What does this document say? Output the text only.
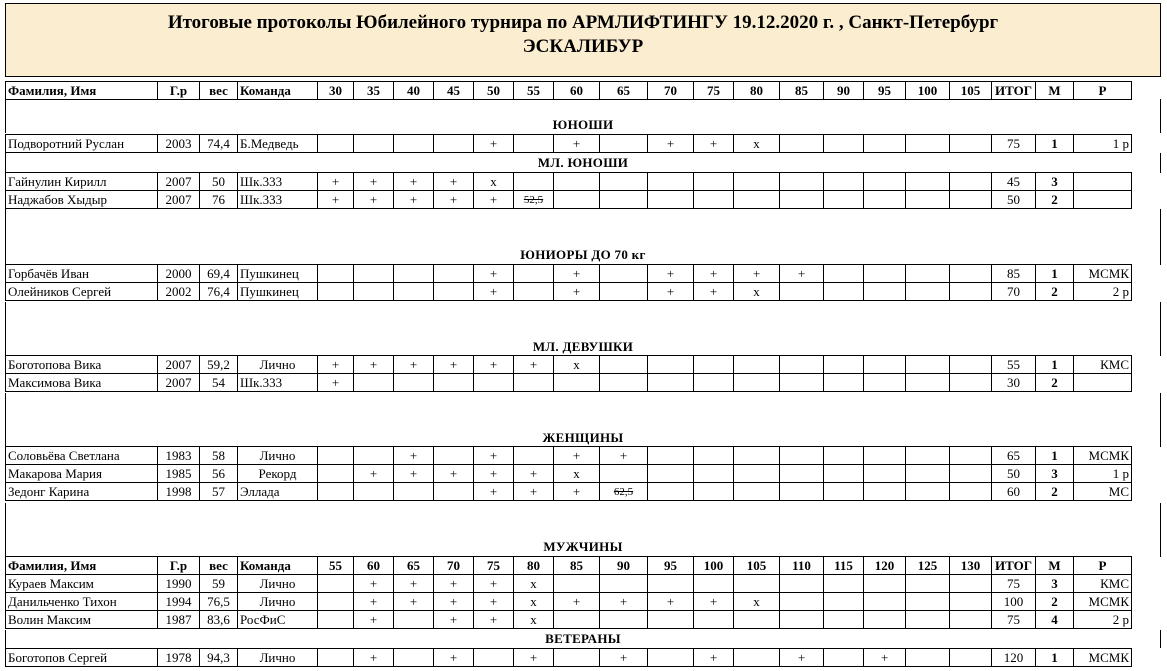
Итоговые протоколы Юбилейного турнира по АРМЛИФТИНГУ 19.12.2020 г. , Санкт-Петербург
ЭСКАЛИБУР
Фамилия, Имя	Г.р	вес	Команда	30	35	40	45	50	55	60	65	70	75	80	85	90	95	100	105	ИТОГ	М	Р
ЮНОШИ
Подворотний Руслан	2003	74,4	Б.Медведь					+		+		+	+	x						75	1	1 р
МЛ. ЮНОШИ
Гайнулин Кирилл	2007	50	Шк.333	+	+	+	+	x												45	3	
Наджабов Хыдыр	2007	76	Шк.333	+	+	+	+	+	52,5											50	2	
ЮНИОРЫ ДО 70 кг
Горбачёв Иван	2000	69,4	Пушкинец					+		+		+	+	+	+					85	1	МСМК
Олейников Сергей	2002	76,4	Пушкинец					+		+		+	+	x						70	2	2 р
МЛ. ДЕВУШКИ
Боготопова Вика	2007	59,2	Лично	+	+	+	+	+	+	x										55	1	КМС
Максимова Вика	2007	54	Шк.333	+																30	2	
ЖЕНЩИНЫ
Соловьёва Светлана	1983	58	Лично			+		+		+	+									65	1	МСМК
Макарова Мария	1985	56	Рекорд		+	+	+	+	+	x										50	3	1 р
Зедонг Карина	1998	57	Эллада					+	+	+	62,5									60	2	МС
МУЖЧИНЫ
Фамилия, Имя	Г.р	вес	Команда	55	60	65	70	75	80	85	90	95	100	105	110	115	120	125	130	ИТОГ	М	Р
Кураев Максим	1990	59	Лично		+	+	+	+	x											75	3	КМС
Данильченко Тихон	1994	76,5	Лично		+	+	+	+	x	+	+	+	+	x						100	2	МСМК
Волин Максим	1987	83,6	РосФиС		+		+	+	x											75	4	2 р
ВЕТЕРАНЫ
Боготопов Сергей	1978	94,3	Лично		+		+		+		+		+		+		+			120	1	МСМК
